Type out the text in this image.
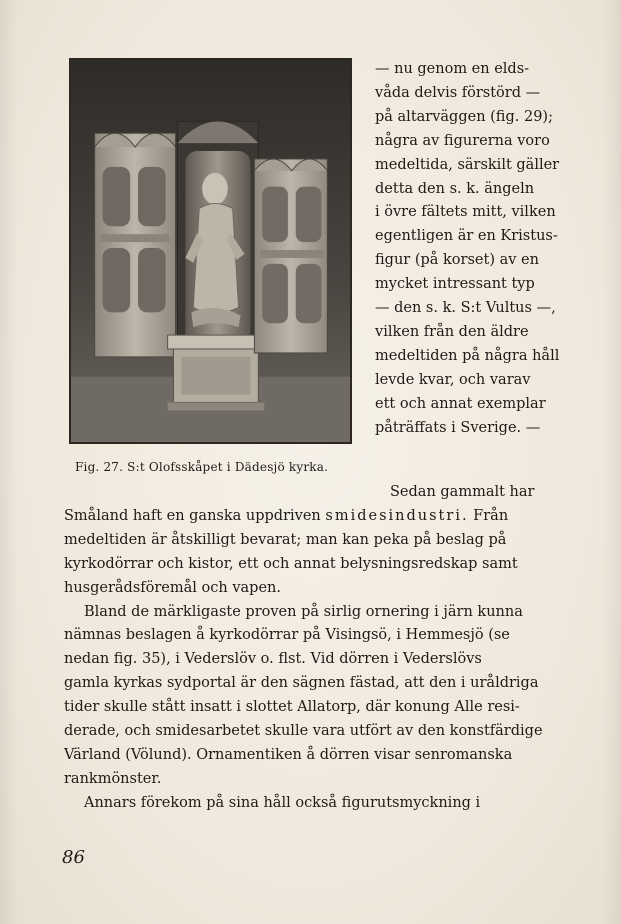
Fig. 27. S:t Olofsskåpet i Dädesjö kyrka.
— nu genom en elds-
våda delvis förstörd —
på altarväggen (fig. 29);
några av figurerna voro
medeltida, särskilt gäller
detta den s. k. ängeln
i övre fältets mitt, vilken
egentligen är en Kristus-
figur (på korset) av en
mycket intressant typ
— den s. k. S:t Vultus —,
vilken från den äldre
medeltiden på några håll
levde kvar, och varav
ett och annat exemplar
påträffats i Sverige. —
Sedan gammalt har
Småland haft en ganska uppdriven smidesindustri. Från
medeltiden är åtskilligt bevarat; man kan peka på beslag på
kyrkodörrar och kistor, ett och annat belysningsredskap samt
husgerådsföremål och vapen.
Bland de märkligaste proven på sirlig ornering i järn kunna
nämnas beslagen å kyrkodörrar på Visingsö, i Hemmesjö (se
nedan fig. 35), i Vederslöv o. flst. Vid dörren i Vederslövs
gamla kyrkas sydportal är den sägnen fästad, att den i uråldriga
tider skulle stått insatt i slottet Allatorp, där konung Alle resi-
derade, och smidesarbetet skulle vara utfört av den konstfärdige
Värland (Völund). Ornamentiken å dörren visar senromanska
rankmönster.
Annars förekom på sina håll också figurutsmyckning i
86
